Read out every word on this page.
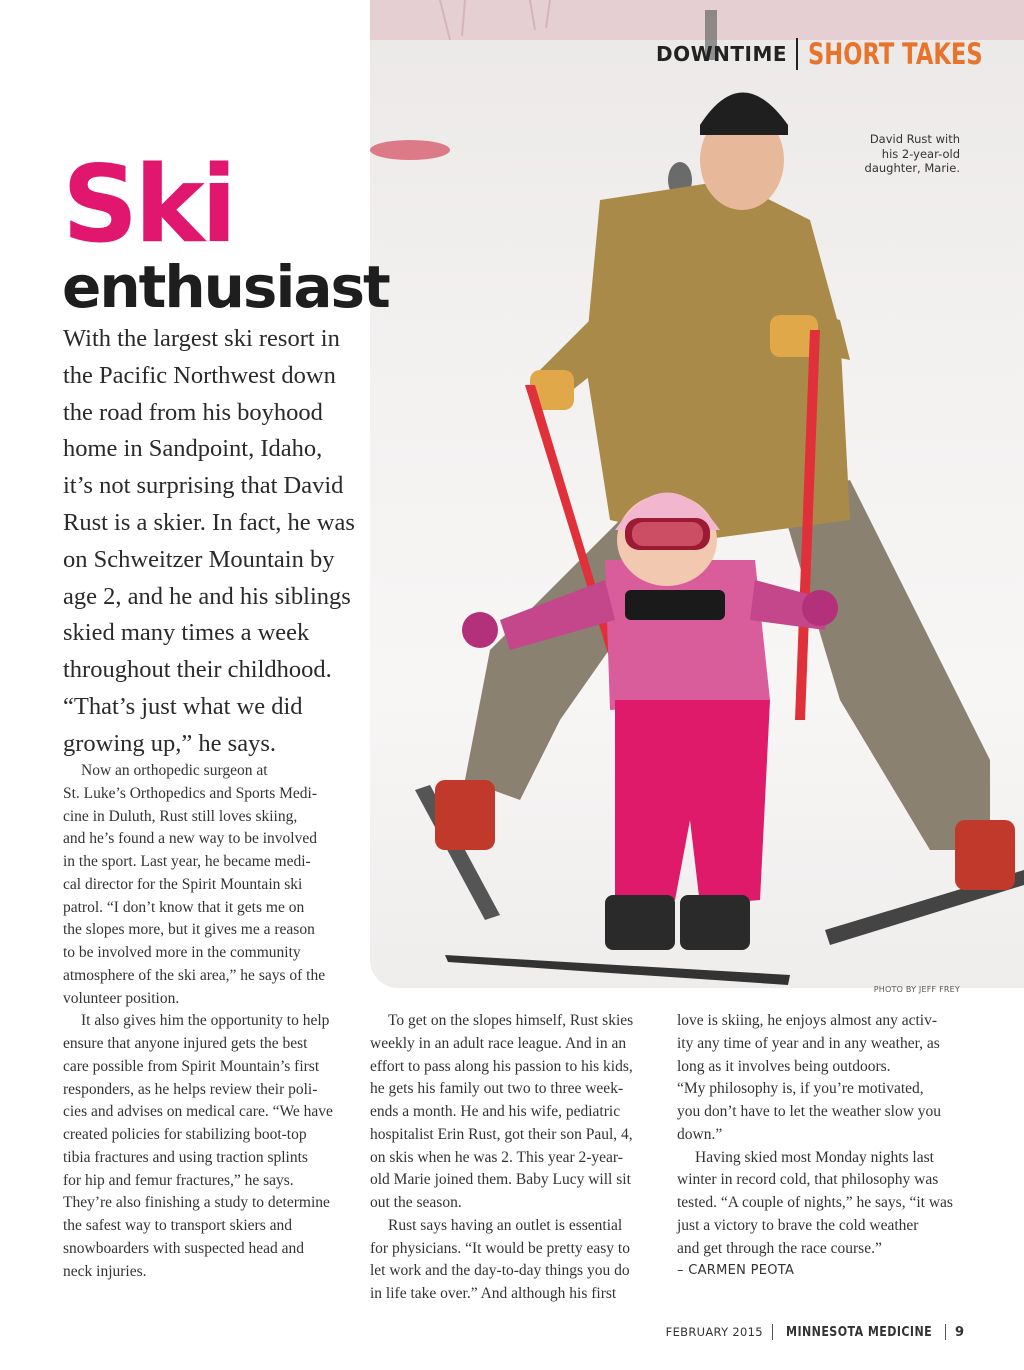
DOWNTIME SHORT TAKES
David Rust with
his 2-year-old
daughter, Marie.
PHOTO BY JEFF FREY
Ski
enthusiast
With the largest ski resort in
the Pacific Northwest down
the road from his boyhood
home in Sandpoint, Idaho,
it’s not surprising that David
Rust is a skier. In fact, he was
on Schweitzer Mountain by
age 2, and he and his siblings
skied many times a week
throughout their childhood.
“That’s just what we did
growing up,” he says.
Now an orthopedic surgeon at
St. Luke’s Orthopedics and Sports Medi-
cine in Duluth, Rust still loves skiing,
and he’s found a new way to be involved
in the sport. Last year, he became medi-
cal director for the Spirit Mountain ski
patrol. “I don’t know that it gets me on
the slopes more, but it gives me a reason
to be involved more in the community
atmosphere of the ski area,” he says of the
volunteer position.
It also gives him the opportunity to help
ensure that anyone injured gets the best
care possible from Spirit Mountain’s first
responders, as he helps review their poli-
cies and advises on medical care. “We have
created policies for stabilizing boot-top
tibia fractures and using traction splints
for hip and femur fractures,” he says.
They’re also finishing a study to determine
the safest way to transport skiers and
snowboarders with suspected head and
neck injuries.
To get on the slopes himself, Rust skies
weekly in an adult race league. And in an
effort to pass along his passion to his kids,
he gets his family out two to three week-
ends a month. He and his wife, pediatric
hospitalist Erin Rust, got their son Paul, 4,
on skis when he was 2. This year 2-year-
old Marie joined them. Baby Lucy will sit
out the season.
Rust says having an outlet is essential
for physicians. “It would be pretty easy to
let work and the day-to-day things you do
in life take over.” And although his first
love is skiing, he enjoys almost any activ-
ity any time of year and in any weather, as
long as it involves being outdoors.
“My philosophy is, if you’re motivated,
you don’t have to let the weather slow you
down.”
Having skied most Monday nights last
winter in record cold, that philosophy was
tested. “A couple of nights,” he says, “it was
just a victory to brave the cold weather
and get through the race course.”
– CARMEN PEOTA
FEBRUARY 2015 MINNESOTA MEDICINE 9
